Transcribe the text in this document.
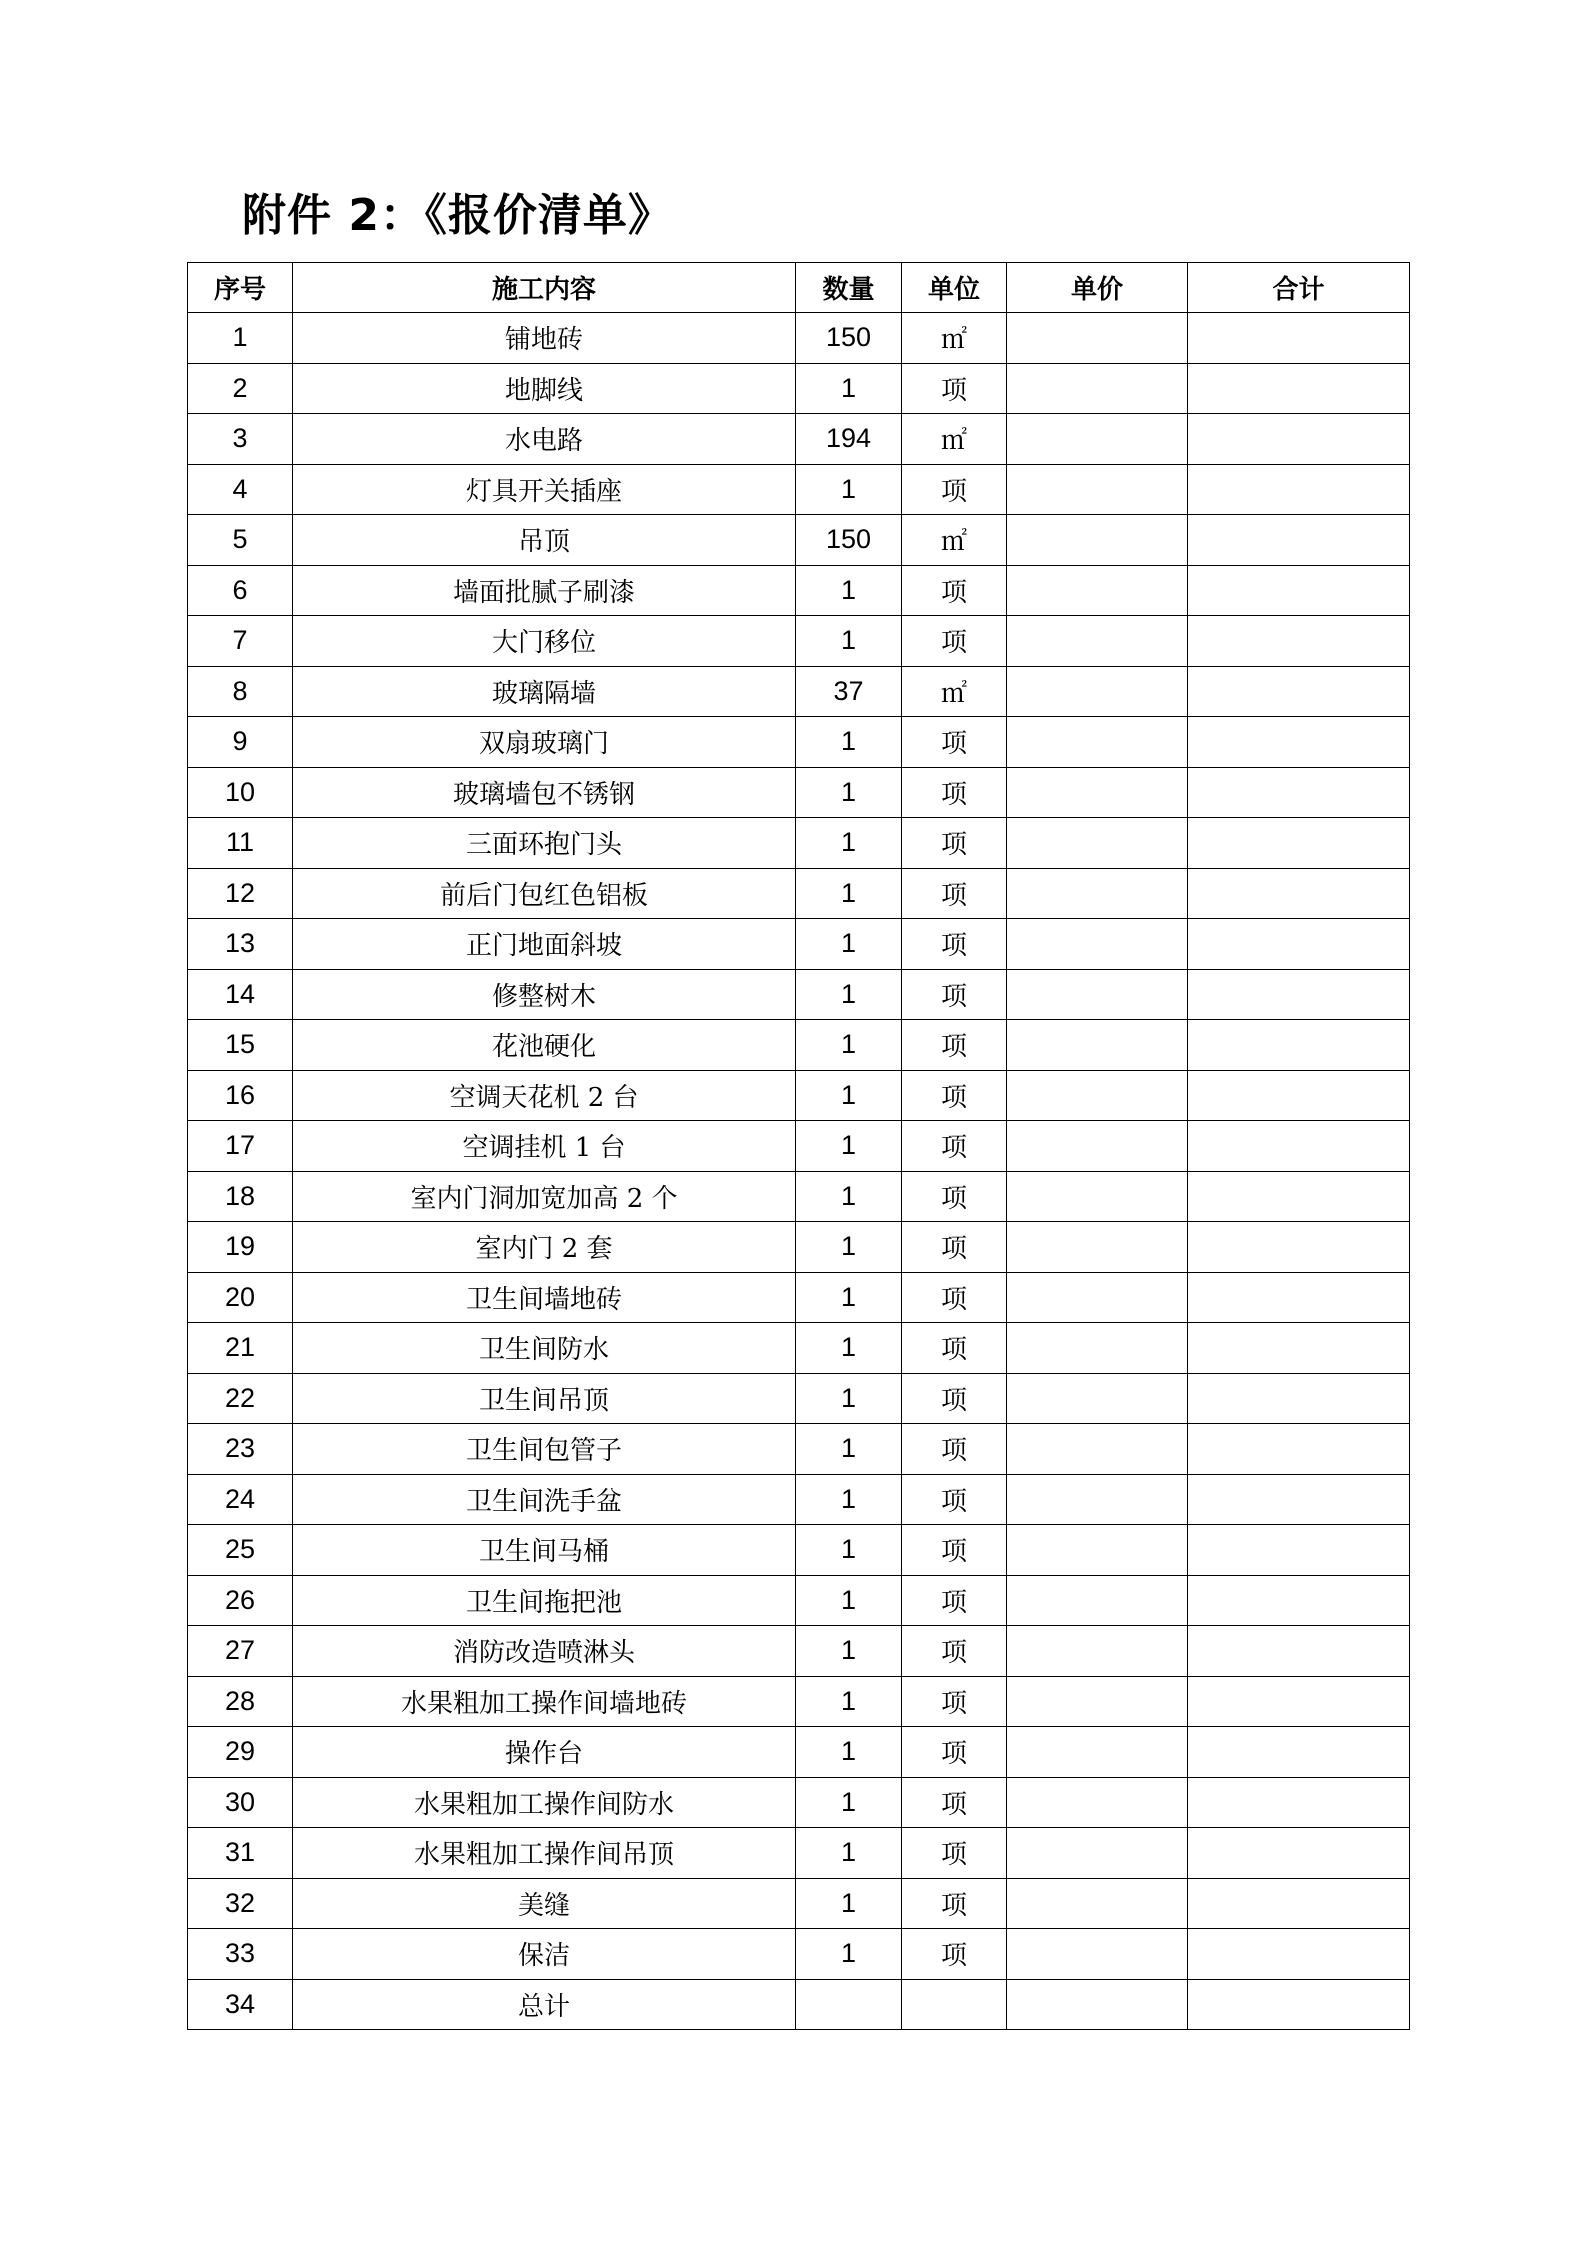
附件 2：《报价清单》
序号	施工内容	数量	单位	单价	合计
1	铺地砖	150	㎡		
2	地脚线	1	项		
3	水电路	194	㎡		
4	灯具开关插座	1	项		
5	吊顶	150	㎡		
6	墙面批腻子刷漆	1	项		
7	大门移位	1	项		
8	玻璃隔墙	37	㎡		
9	双扇玻璃门	1	项		
10	玻璃墙包不锈钢	1	项		
11	三面环抱门头	1	项		
12	前后门包红色铝板	1	项		
13	正门地面斜坡	1	项		
14	修整树木	1	项		
15	花池硬化	1	项		
16	空调天花机 2 台	1	项		
17	空调挂机 1 台	1	项		
18	室内门洞加宽加高 2 个	1	项		
19	室内门 2 套	1	项		
20	卫生间墙地砖	1	项		
21	卫生间防水	1	项		
22	卫生间吊顶	1	项		
23	卫生间包管子	1	项		
24	卫生间洗手盆	1	项		
25	卫生间马桶	1	项		
26	卫生间拖把池	1	项		
27	消防改造喷淋头	1	项		
28	水果粗加工操作间墙地砖	1	项		
29	操作台	1	项		
30	水果粗加工操作间防水	1	项		
31	水果粗加工操作间吊顶	1	项		
32	美缝	1	项		
33	保洁	1	项		
34	总计				
